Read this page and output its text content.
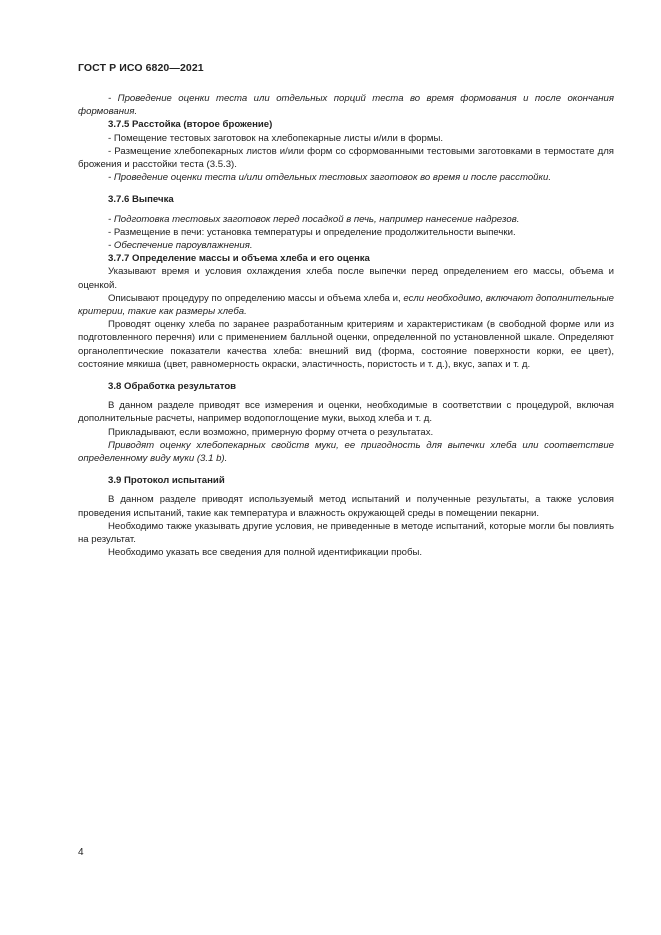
ГОСТ Р ИСО 6820—2021

- Проведение оценки теста или отдельных порций теста во время формования и после окончания формования.

3.7.5 Расстойка (второе брожение)

- Помещение тестовых заготовок на хлебопекарные листы и/или в формы.

- Размещение хлебопекарных листов и/или форм со сформованными тестовыми заготовками в термостате для брожения и расстойки теста (3.5.3).

- Проведение оценки теста и/или отдельных тестовых заготовок во время и после расстойки.

3.7.6 Выпечка

- Подготовка тестовых заготовок перед посадкой в печь, например нанесение надрезов.

- Размещение в печи: установка температуры и определение продолжительности выпечки.

- Обеспечение пароувлажнения.

3.7.7 Определение массы и объема хлеба и его оценка

Указывают время и условия охлаждения хлеба после выпечки перед определением его массы, объема и оценкой.

Описывают процедуру по определению массы и объема хлеба и, если необходимо, включают дополнительные критерии, такие как размеры хлеба.

Проводят оценку хлеба по заранее разработанным критериям и характеристикам (в свободной форме или из подготовленного перечня) или с применением балльной оценки, определенной по установленной шкале. Определяют органолептические показатели качества хлеба: внешний вид (форма, состояние поверхности корки, ее цвет), состояние мякиша (цвет, равномерность окраски, эластичность, пористость и т. д.), вкус, запах и т. д.

3.8 Обработка результатов

В данном разделе приводят все измерения и оценки, необходимые в соответствии с процедурой, включая дополнительные расчеты, например водопоглощение муки, выход хлеба и т. д.

Прикладывают, если возможно, примерную форму отчета о результатах.

Приводят оценку хлебопекарных свойств муки, ее пригодность для выпечки хлеба или соответствие определенному виду муки (3.1 b).

3.9 Протокол испытаний

В данном разделе приводят используемый метод испытаний и полученные результаты, а также условия проведения испытаний, такие как температура и влажность окружающей среды в помещении пекарни.

Необходимо также указывать другие условия, не приведенные в методе испытаний, которые могли бы повлиять на результат.

Необходимо указать все сведения для полной идентификации пробы.

4
